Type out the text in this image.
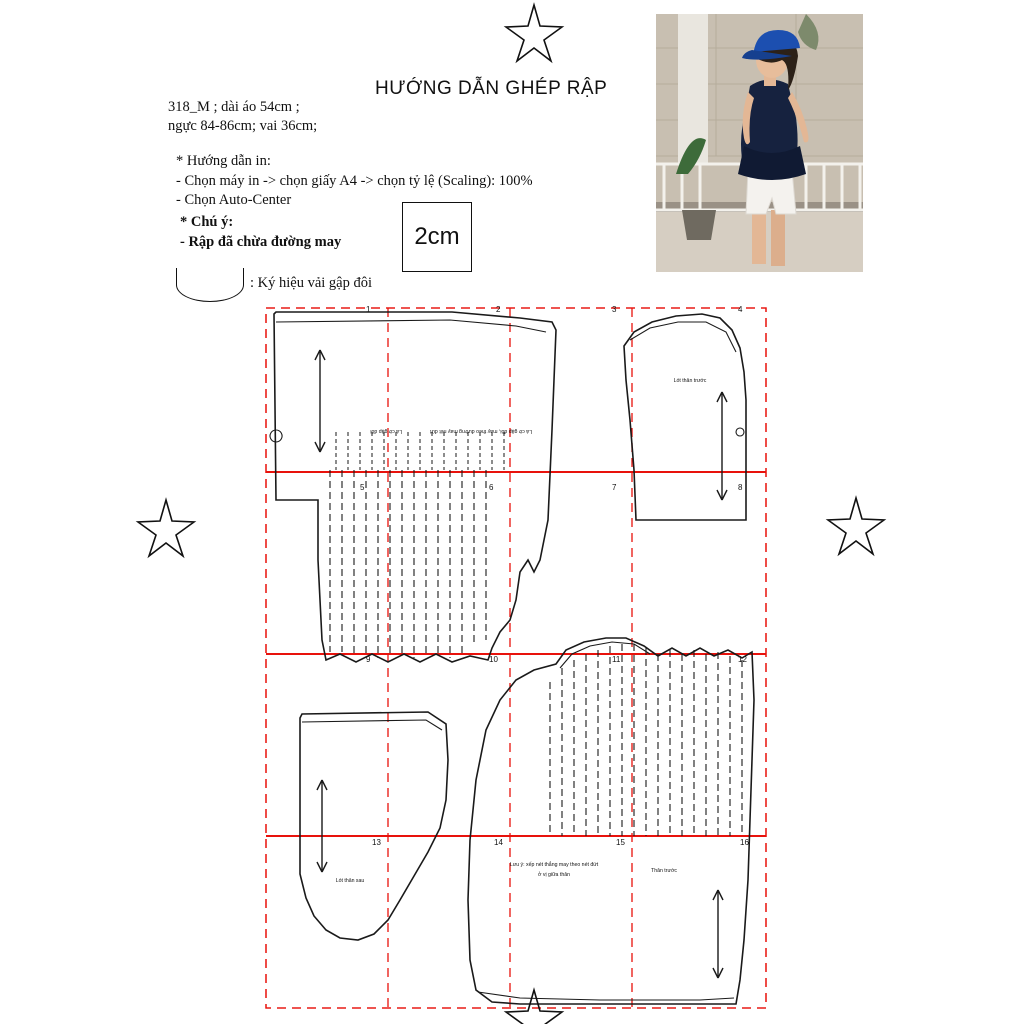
1	2	3	4
5	6	7	8
9	10	11	12
13	14	15	16
Lá cờ gập đôi	Lá cờ gập đôi, may theo đường may nét đứt
Lót thân trước
Lót thân sau
Thân trước
Lưu ý: xếp nét thẳng may theo nét đứt
ở vị giữa thân
HƯỚNG DẪN GHÉP RẬP
318_M ; dài áo 54cm ;
ngực 84-86cm; vai 36cm;
* Hướng dẫn in:
- Chọn máy in -> chọn giấy A4 -> chọn tỷ lệ (Scaling): 100%
- Chọn Auto-Center
* Chú ý:
- Rập đã chừa đường may	2cm
: Ký hiệu vải gập đôi
